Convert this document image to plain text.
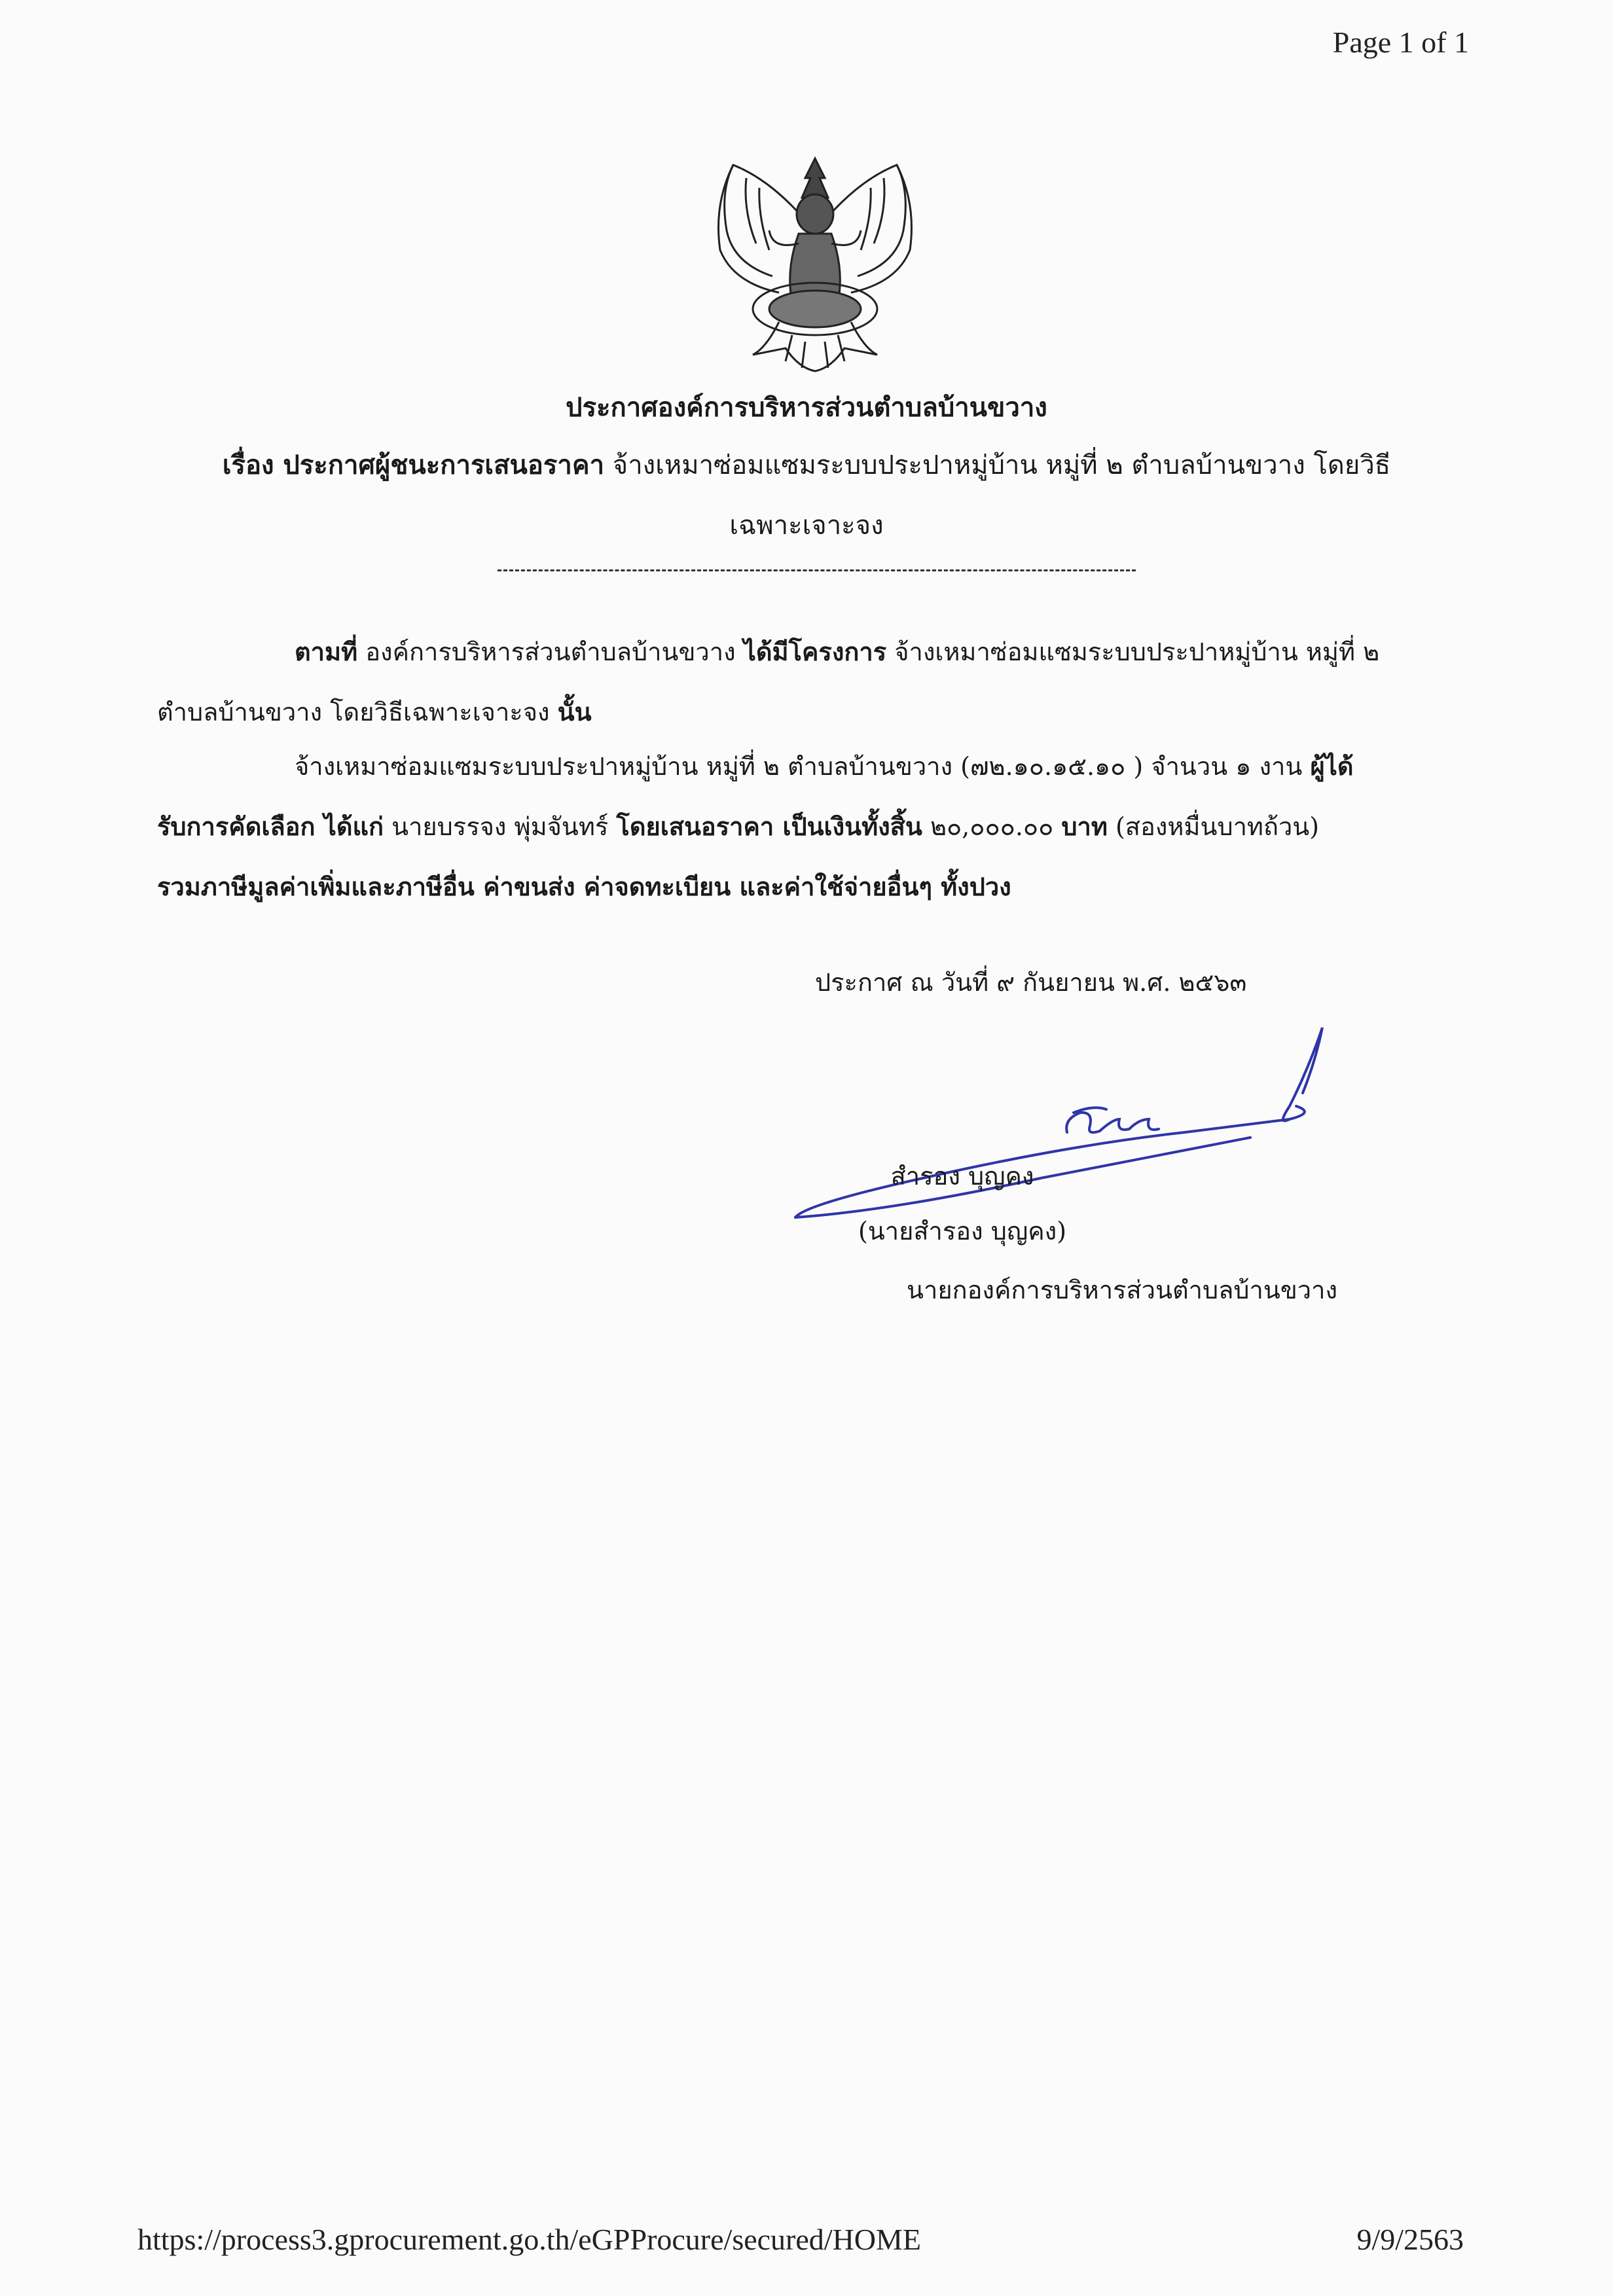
Page 1 of 1
ประกาศองค์การบริหารส่วนตำบลบ้านขวาง
เรื่อง ประกาศผู้ชนะการเสนอราคา จ้างเหมาซ่อมแซมระบบประปาหมู่บ้าน หมู่ที่ ๒ ตำบลบ้านขวาง โดยวิธี
เฉพาะเจาะจง
ตามที่ องค์การบริหารส่วนตำบลบ้านขวาง ได้มีโครงการ จ้างเหมาซ่อมแซมระบบประปาหมู่บ้าน หมู่ที่ ๒
ตำบลบ้านขวาง โดยวิธีเฉพาะเจาะจง นั้น
จ้างเหมาซ่อมแซมระบบประปาหมู่บ้าน หมู่ที่ ๒ ตำบลบ้านขวาง (๗๒.๑๐.๑๕.๑๐ ) จำนวน ๑ งาน ผู้ได้
รับการคัดเลือก ได้แก่ นายบรรจง พุ่มจันทร์ โดยเสนอราคา เป็นเงินทั้งสิ้น ๒๐,๐๐๐.๐๐ บาท (สองหมื่นบาทถ้วน)
รวมภาษีมูลค่าเพิ่มและภาษีอื่น ค่าขนส่ง ค่าจดทะเบียน และค่าใช้จ่ายอื่นๆ ทั้งปวง
ประกาศ ณ วันที่ ๙ กันยายน พ.ศ. ๒๕๖๓
สำรอง บุญคง
(นายสำรอง บุญคง)
นายกองค์การบริหารส่วนตำบลบ้านขวาง
https://process3.gprocurement.go.th/eGPProcure/secured/HOME	9/9/2563
